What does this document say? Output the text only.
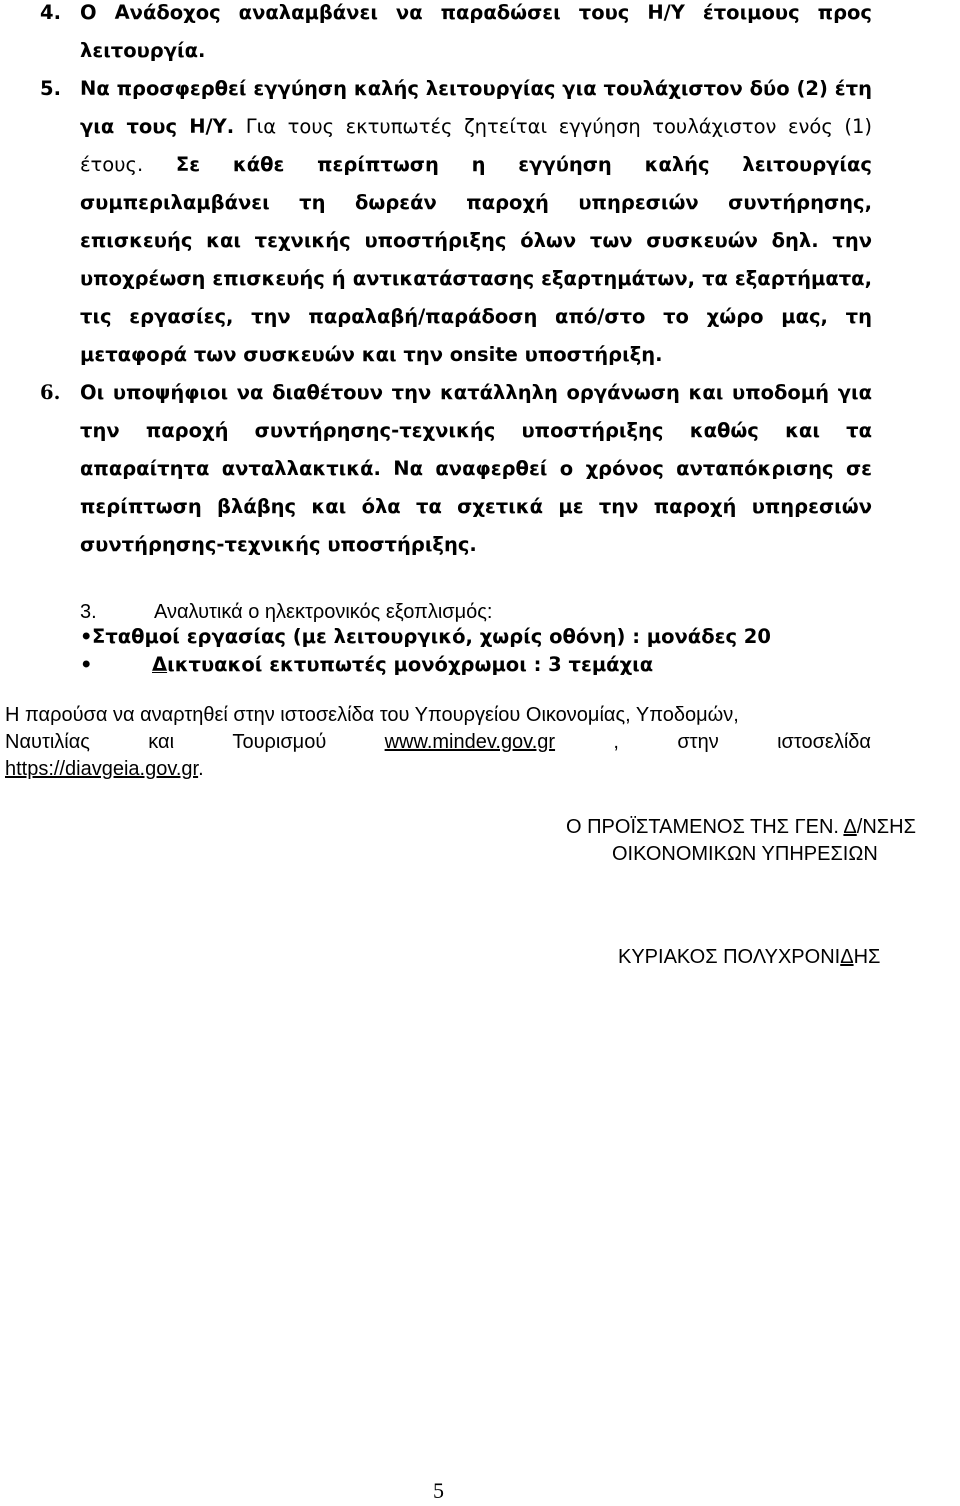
4. Ο Ανάδοχος αναλαμβάνει να παραδώσει τους Η/Υ έτοιμους προς λειτουργία.
5. Να προσφερθεί εγγύηση καλής λειτουργίας για τουλάχιστον δύο (2) έτη για τους Η/Υ. Για τους εκτυπωτές ζητείται εγγύηση τουλάχιστον ενός (1) έτους. Σε κάθε περίπτωση η εγγύηση καλής λειτουργίας συμπεριλαμβάνει τη δωρεάν παροχή υπηρεσιών συντήρησης, επισκευής και τεχνικής υποστήριξης όλων των συσκευών δηλ. την υποχρέωση επισκευής ή αντικατάστασης εξαρτημάτων, τα εξαρτήματα, τις εργασίες, την παραλαβή/παράδοση από/στο το χώρο μας, τη μεταφορά των συσκευών και την onsite υποστήριξη.
6.	Οι υποψήφιοι να διαθέτουν την κατάλληλη οργάνωση και υποδομή για την παροχή συντήρησης-τεχνικής υποστήριξης καθώς και τα απαραίτητα ανταλλακτικά. Να αναφερθεί ο χρόνος ανταπόκρισης σε περίπτωση βλάβης και όλα τα σχετικά με την παροχή υπηρεσιών συντήρησης-τεχνικής υποστήριξης.
3.	Αναλυτικά ο ηλεκτρονικός εξοπλισμός:
•Σταθμοί εργασίας (με λειτουργικό, χωρίς οθόνη) : μονάδες 20
•	Δικτυακοί εκτυπωτές μονόχρωμοι : 3 τεμάχια
Η παρούσα να αναρτηθεί στην ιστοσελίδα του Υπουργείου Οικονομίας, Υποδομών,
Ναυτιλίας	και	Τουρισμού	www.mindev.gov.gr	,	στην	ιστοσελίδα
https://diavgeia.gov.gr.
Ο ΠΡΟΪΣΤΑΜΕΝΟΣ ΤΗΣ ΓΕΝ. Δ/ΝΣΗΣ
ΟΙΚΟΝΟΜΙΚΩΝ ΥΠΗΡΕΣΙΩΝ
ΚΥΡΙΑΚΟΣ ΠΟΛΥΧΡΟΝΙΔΗΣ
5
